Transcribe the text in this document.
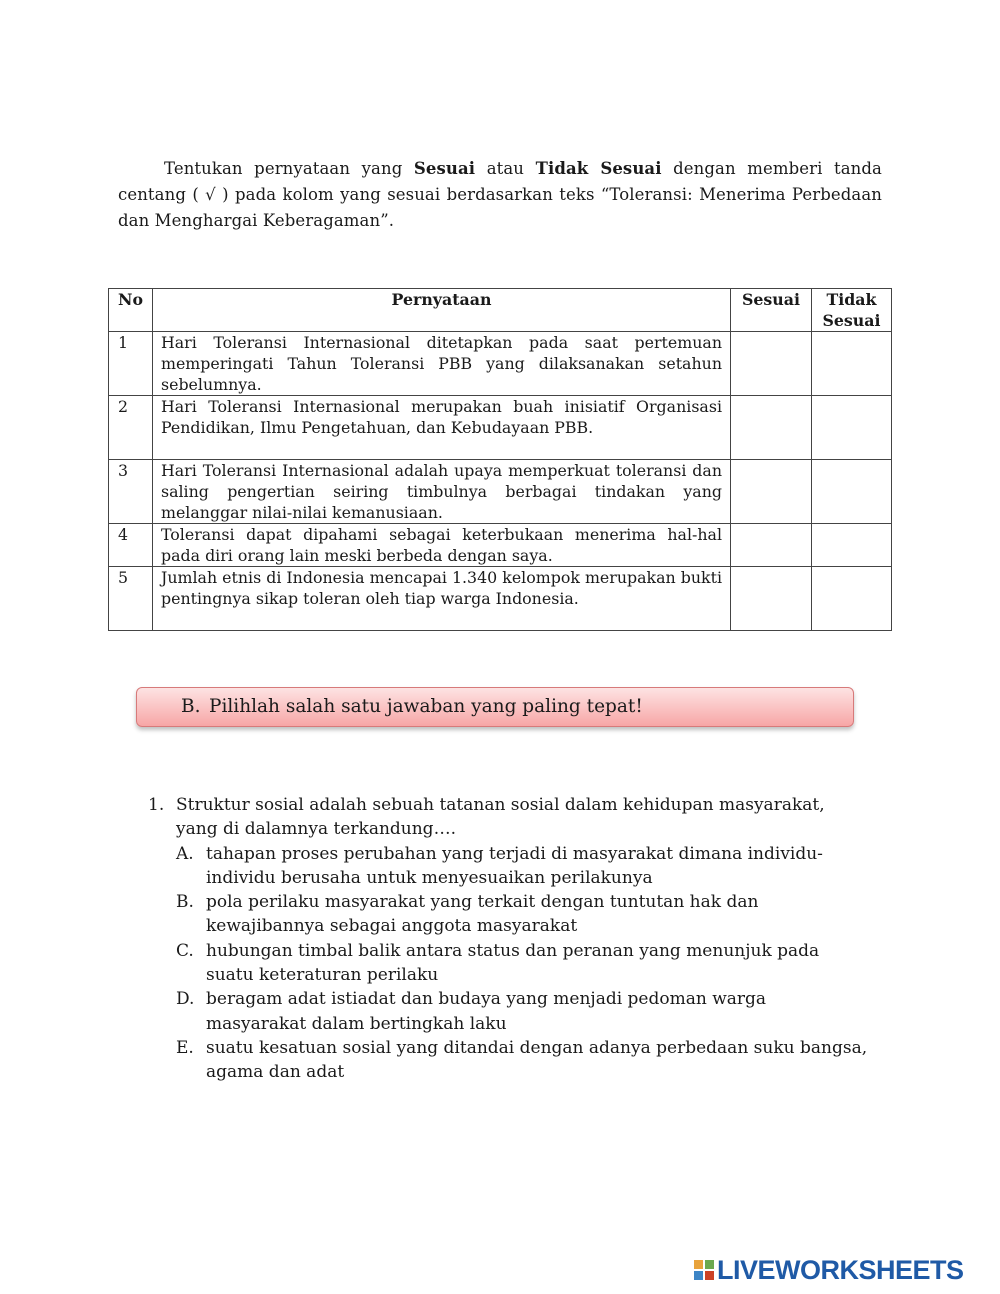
Tentukan pernyataan yang Sesuai atau Tidak Sesuai dengan memberi tanda centang ( √ ) pada kolom yang sesuai berdasarkan teks “Toleransi: Menerima Perbedaan dan Menghargai Keberagaman”.

No	Pernyataan	Sesuai	Tidak Sesuai
1	Hari Toleransi Internasional ditetapkan pada saat pertemuan memperingati Tahun Toleransi PBB yang dilaksanakan setahun sebelumnya.		
2	Hari Toleransi Internasional merupakan buah inisiatif Organisasi Pendidikan, Ilmu Pengetahuan, dan Kebudayaan PBB.		
3	Hari Toleransi Internasional adalah upaya memperkuat toleransi dan saling pengertian seiring timbulnya berbagai tindakan yang melanggar nilai-nilai kemanusiaan.		
4	Toleransi dapat dipahami sebagai keterbukaan menerima hal-hal pada diri orang lain meski berbeda dengan saya.		
5	Jumlah etnis di Indonesia mencapai 1.340 kelompok merupakan bukti pentingnya sikap toleran oleh tiap warga Indonesia.		
B. Pilihlah salah satu jawaban yang paling tepat!
1. Struktur sosial adalah sebuah tatanan sosial dalam kehidupan masyarakat, yang di dalamnya terkandung….
A. tahapan proses perubahan yang terjadi di masyarakat dimana individu-individu berusaha untuk menyesuaikan perilakunya
B. pola perilaku masyarakat yang terkait dengan tuntutan hak dan kewajibannya sebagai anggota masyarakat
C. hubungan timbal balik antara status dan peranan yang menunjuk pada suatu keteraturan perilaku
D. beragam adat istiadat dan budaya yang menjadi pedoman warga masyarakat dalam bertingkah laku
E. suatu kesatuan sosial yang ditandai dengan adanya perbedaan suku bangsa, agama dan adat
LIVEWORKSHEETS
